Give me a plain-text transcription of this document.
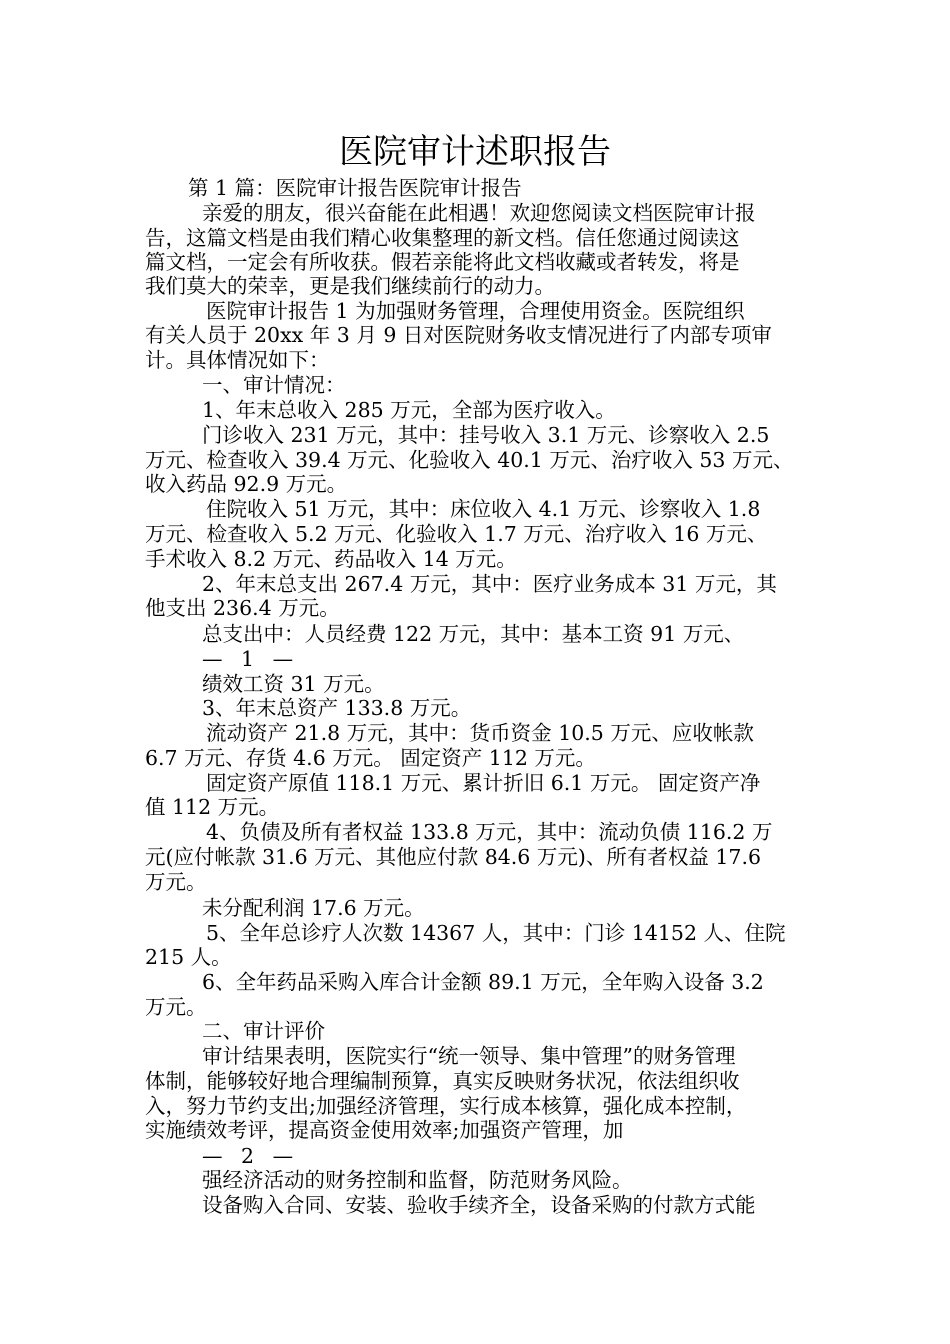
医院审计述职报告
第 1 篇：医院审计报告医院审计报告
亲爱的朋友，很兴奋能在此相遇！欢迎您阅读文档医院审计报
告，这篇文档是由我们精心收集整理的新文档。信任您通过阅读这
篇文档，一定会有所收获。假若亲能将此文档收藏或者转发，将是
我们莫大的荣幸，更是我们继续前行的动力。
医院审计报告 1 为加强财务管理，合理使用资金。医院组织
有关人员于 20xx 年 3 月 9 日对医院财务收支情况进行了内部专项审
计。具体情况如下：
一、审计情况：
1、年末总收入 285 万元，全部为医疗收入。
门诊收入 231 万元，其中：挂号收入 3.1 万元、诊察收入 2.5
万元、检查收入 39.4 万元、化验收入 40.1 万元、治疗收入 53 万元、
收入药品 92.9 万元。
住院收入 51 万元，其中：床位收入 4.1 万元、诊察收入 1.8
万元、检查收入 5.2 万元、化验收入 1.7 万元、治疗收入 16 万元、
手术收入 8.2 万元、药品收入 14 万元。
2、年末总支出 267.4 万元，其中：医疗业务成本 31 万元，其
他支出 236.4 万元。
总支出中：人员经费 122 万元，其中：基本工资 91 万元、
— 1 —
绩效工资 31 万元。
3、年末总资产 133.8 万元。
流动资产 21.8 万元，其中：货币资金 10.5 万元、应收帐款
6.7 万元、存货 4.6 万元。 固定资产 112 万元。
固定资产原值 118.1 万元、累计折旧 6.1 万元。 固定资产净
值 112 万元。
4、负债及所有者权益 133.8 万元，其中：流动负债 116.2 万
元(应付帐款 31.6 万元、其他应付款 84.6 万元)、所有者权益 17.6
万元。
未分配利润 17.6 万元。
5、全年总诊疗人次数 14367 人，其中：门诊 14152 人、住院
215 人。
6、全年药品采购入库合计金额 89.1 万元，全年购入设备 3.2
万元。
二、审计评价
审计结果表明，医院实行“统一领导、集中管理”的财务管理
体制，能够较好地合理编制预算，真实反映财务状况，依法组织收
入，努力节约支出;加强经济管理，实行成本核算，强化成本控制，
实施绩效考评，提高资金使用效率;加强资产管理，加
— 2 —
强经济活动的财务控制和监督，防范财务风险。
设备购入合同、安装、验收手续齐全，设备采购的付款方式能
